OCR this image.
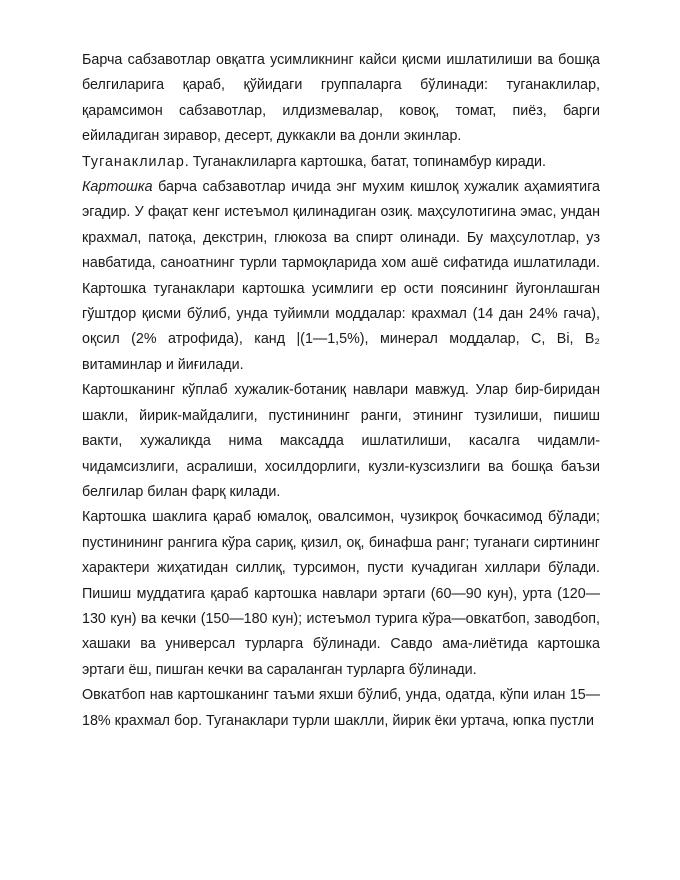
Барча сабзавотлар овқатга усимликнинг кайси қисми ишлатилиши ва бошқа белгиларига қараб, қўйидаги группаларга бўлинади: туганаклилар, қарамсимон сабзавотлар, илдизмевалар, ковоқ, томат, пиёз, барги ейиладиган зиравор, десерт, дуккакли ва донли экинлар.

Туганаклилар. Туганаклиларга картошка, батат, топинамбур киради.

Картошка барча сабзавотлар ичида энг мухим кишлоқ хужалик аҳамиятига эгадир. У фақат кенг истеъмол қилинадиган озиқ. маҳсулотигина эмас, ундан крахмал, патоқа, декстрин, глюкоза ва спирт олинади. Бу маҳсулотлар, уз навбатида, саноатнинг турли тармоқларида хом ашё сифатида ишлатилади. Картошка туганаклари картошка усимлиги ер ости поясининг йугонлашган гўштдор қисми бўлиб, унда туйимли моддалар: крахмал (14 дан 24% гача), оқсил (2% атрофида), канд |(1—1,5%), минерал моддалар, С, Bi, B₂ витаминлар и йиғилади.

Картошканинг кўплаб хужалик-ботаниқ навлари мавжуд. Улар бир-биридан шакли, йирик-майдалиги, пустинининг ранги, этининг тузилиши, пишиш вакти, хужаликда нима максадда ишлатилиши, касалга чидамли-чидамсизлиги, асралиши, хосилдорлиги, кузли-кузсизлиги ва бошқа баъзи белгилар билан фарқ килади.

Картошка шаклига қараб юмалоқ, овалсимон, чузикроқ бочкасимод бўлади; пустинининг рангига кўра сариқ, қизил, оқ, бинафша ранг; туганаги сиртининг характери жиҳатидан силлиқ, турсимон, пусти кучадиган хиллари бўлади. Пишиш муддатига қараб картошка навлари эртаги (60—90 кун), урта (120—130 кун) ва кечки (150—180 кун); истеъмол турига кўра—овкатбоп, заводбоп, хашаки ва универсал турларга бўлинади. Савдо ама-лиётида картошка эртаги ёш, пишган кечки ва сараланган турларга бўлинади.

Овкатбоп нав картошканинг таъми яхши бўлиб, унда, одатда, кўпи илан 15—18% крахмал бор. Туганаклари турли шаклли, йирик ёки уртача, юпка пустли
